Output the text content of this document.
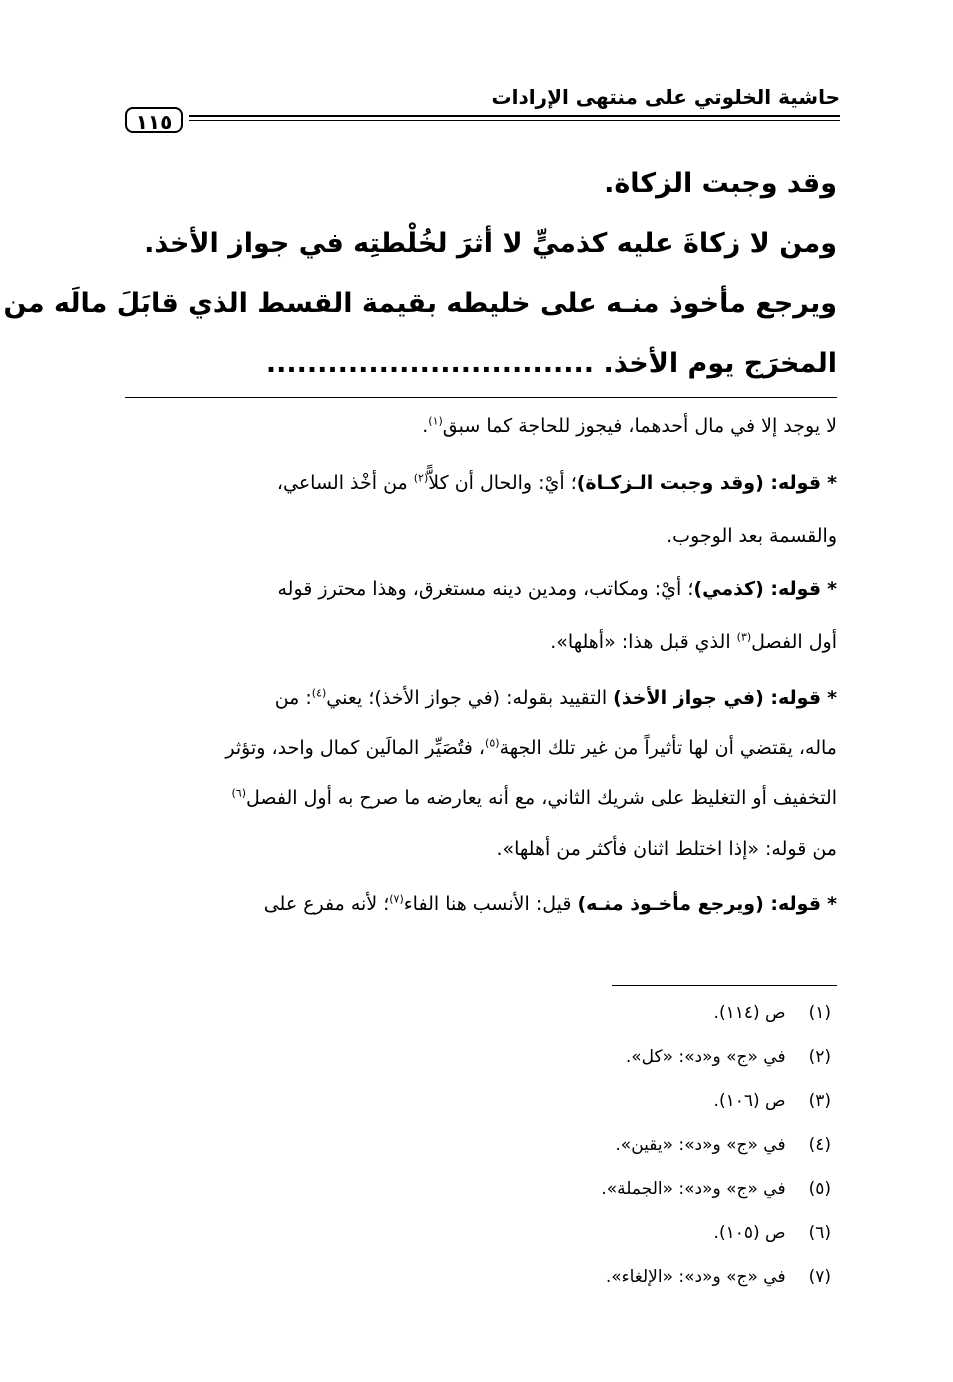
حاشية الخلوتي على منتهى الإرادات
١١٥
وقد وجبت الزكاة.
ومن لا زكاةَ عليه كذميٍّ لا أثرَ لخُلْطتِه في جواز الأخذ.
ويرجع مأخوذ منـه على خليطه بقيمة القسط الذي قابَلَ مالَه من
المخرَج يوم الأخذ. ................................
لا يوجد إلا في مال أحدهما، فيجوز للحاجة كما سبق$^{(١)}$.
* قوله: (وقد وجبت الـزكـاة)؛ أيْ: والحال أن كلاًّ$^{(٢)}$ من أخْذ الساعي،
والقسمة بعد الوجوب.
* قوله: (كذمي)؛ أيْ: ومكاتب، ومدين دينه مستغرق، وهذا محترز قوله
أول الفصل$^{(٣)}$ الذي قبل هذا: «أهلها».
* قوله: (في جواز الأخذ) التقييد بقوله: (في جواز الأخذ)؛ يعني$^{(٤)}$: من
ماله، يقتضي أن لها تأثيراً من غير تلك الجهة$^{(٥)}$، فتُصَيِّر المالَين كمال واحد، وتؤثر
التخفيف أو التغليظ على شريك الثاني، مع أنه يعارضه ما صرح به أول الفصل$^{(٦)}$
من قوله: «إذا اختلط اثنان فأكثر من أهلها».
* قوله: (ويرجع مأخـوذ منـه) قيل: الأنسب هنا الفاء$^{(٧)}$؛ لأنه مفرع على
(١) ص (١١٤).
(٢) في «ج» و«د»: «كل».
(٣) ص (١٠٦).
(٤) في «ج» و«د»: «يقين».
(٥) في «ج» و«د»: «الجملة».
(٦) ص (١٠٥).
(٧) في «ج» و«د»: «الإلغاء».
